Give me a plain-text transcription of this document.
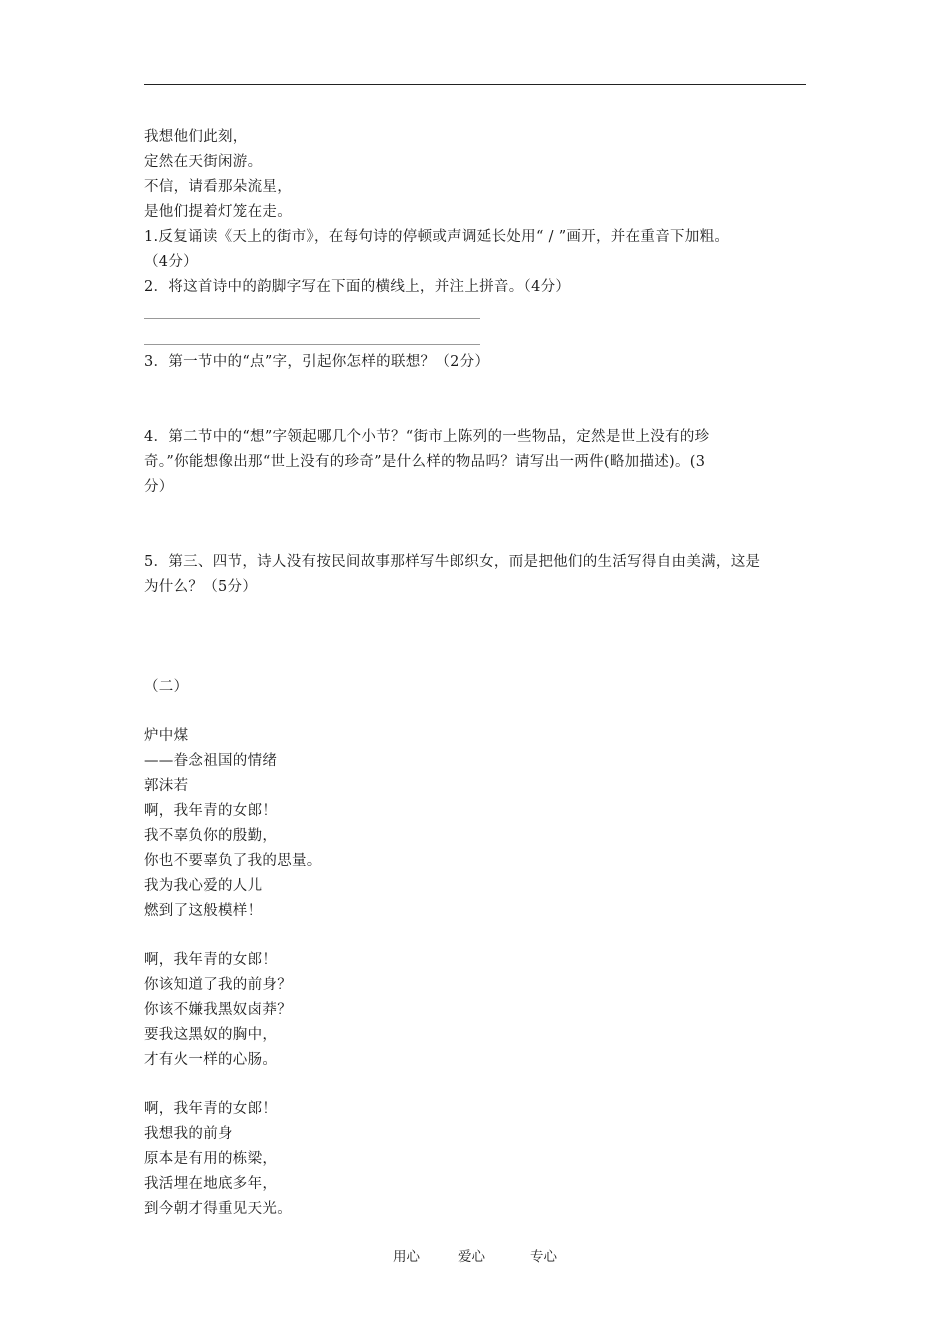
我想他们此刻，
定然在天街闲游。
不信，请看那朵流星，
是他们提着灯笼在走。
1.反复诵读《天上的街市》，在每句诗的停顿或声调延长处用“ / ”画开，并在重音下加粗。
（4分）
2．将这首诗中的韵脚字写在下面的横线上，并注上拼音。（4分）
3．第一节中的“点”字，引起你怎样的联想？（2分）
4．第二节中的“想”字领起哪几个小节？“街市上陈列的一些物品，定然是世上没有的珍
奇。”你能想像出那“世上没有的珍奇”是什么样的物品吗？请写出一两件(略加描述)。(3
分）
5．第三、四节，诗人没有按民间故事那样写牛郎织女，而是把他们的生活写得自由美满，这是
为什么？（5分）
（二）
炉中煤
——眷念祖国的情绪
郭沫若
啊，我年青的女郎！
我不辜负你的殷勤，
你也不要辜负了我的思量。
我为我心爱的人儿
燃到了这般模样！
啊，我年青的女郎！
你该知道了我的前身？
你该不嫌我黑奴卤莽？
要我这黑奴的胸中，
才有火一样的心肠。
啊，我年青的女郎！
我想我的前身
原本是有用的栋梁，
我活埋在地底多年，
到今朝才得重见天光。
用心	爱心	专心
